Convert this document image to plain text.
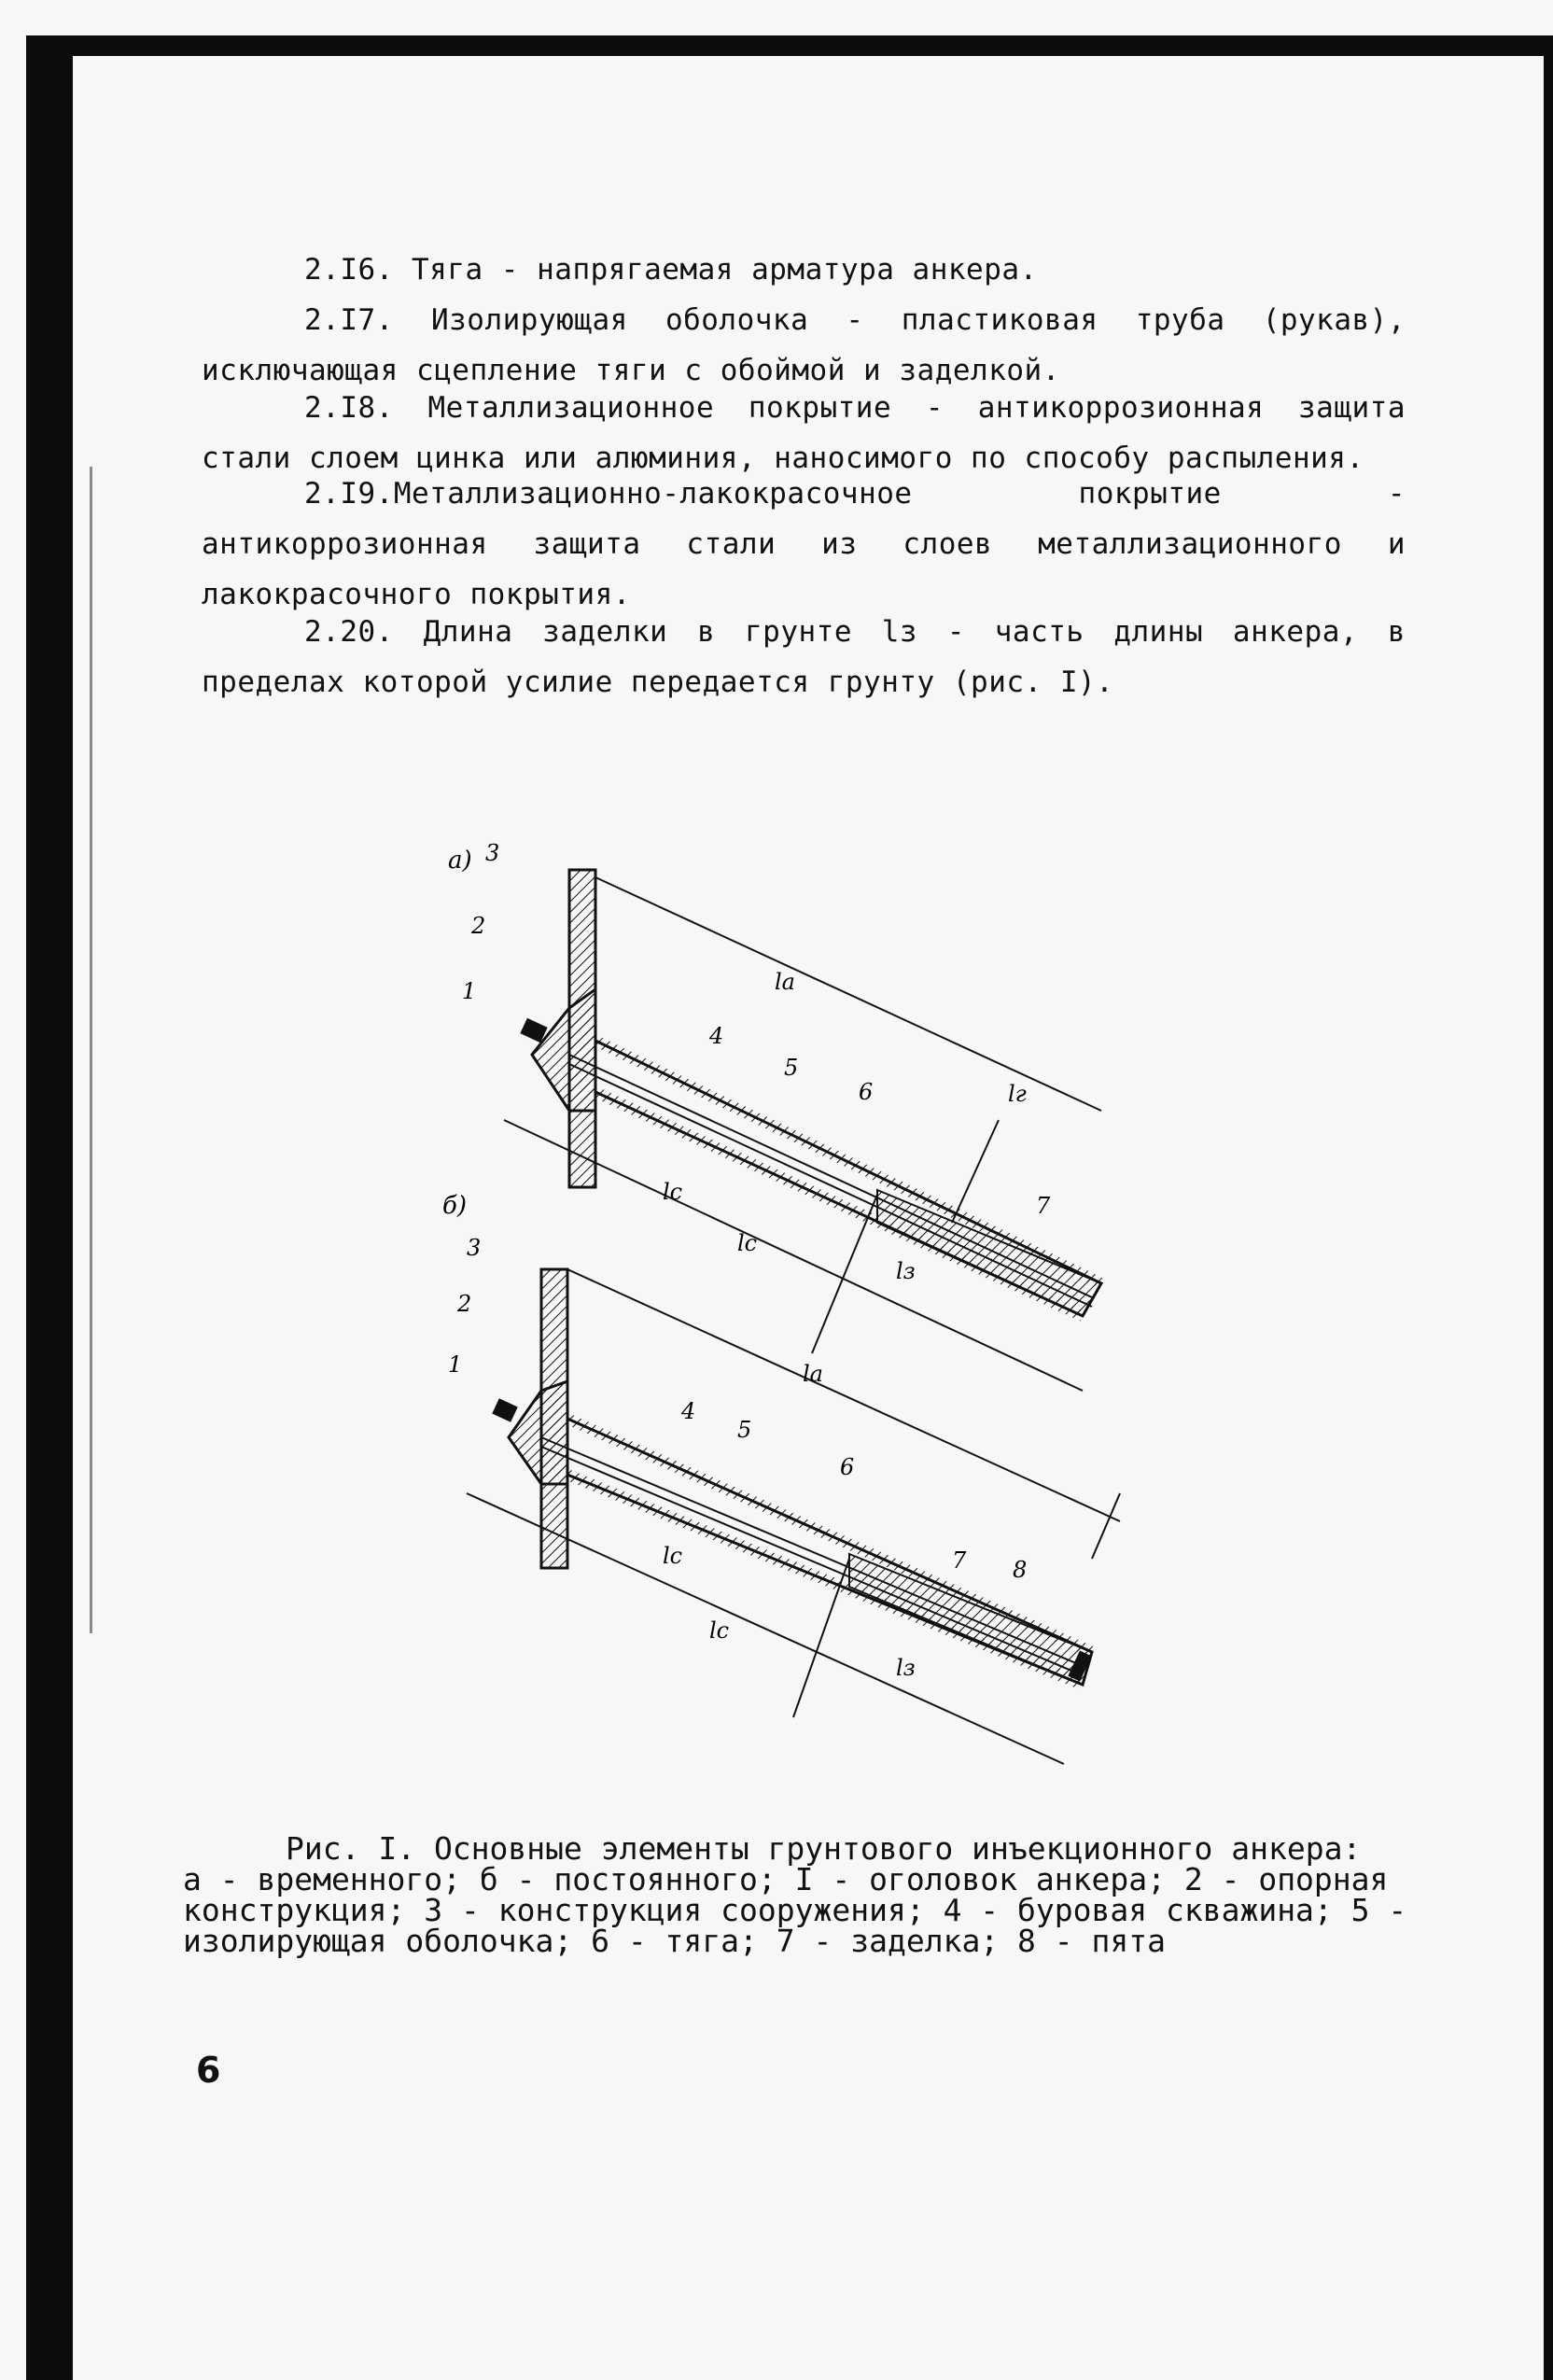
2.I6. Тяга - напрягаемая арматура анкера.
2.I7. Изолирующая оболочка - пластиковая труба (рукав), исключающая сцепление тяги с обоймой и заделкой.
2.I8. Металлизационное покрытие - антикоррозионная защита стали слоем цинка или алюминия, наносимого по способу распыления.
2.I9.Металлизационно-лакокрасочное покрытие - антикоррозионная защита стали из слоев металлизационного и лакокрасочного покрытия.
2.20. Длина заделки в грунте lз - часть длины анкера, в пределах которой усилие передается грунту (рис. I).
а) 3
2
1
4
5
6
7
lа
lг
lс
lс
lз
б)
3
2
1
4
5
6
7 8
lа
lс
lс
lз
Рис. I. Основные элементы грунтового инъекционного анкера:
а - временного; б - постоянного; I - оголовок анкера; 2 - опорная конструкция; 3 - конструкция сооружения; 4 - буровая скважина; 5 - изолирующая оболочка; 6 - тяга; 7 - заделка; 8 - пята
6
